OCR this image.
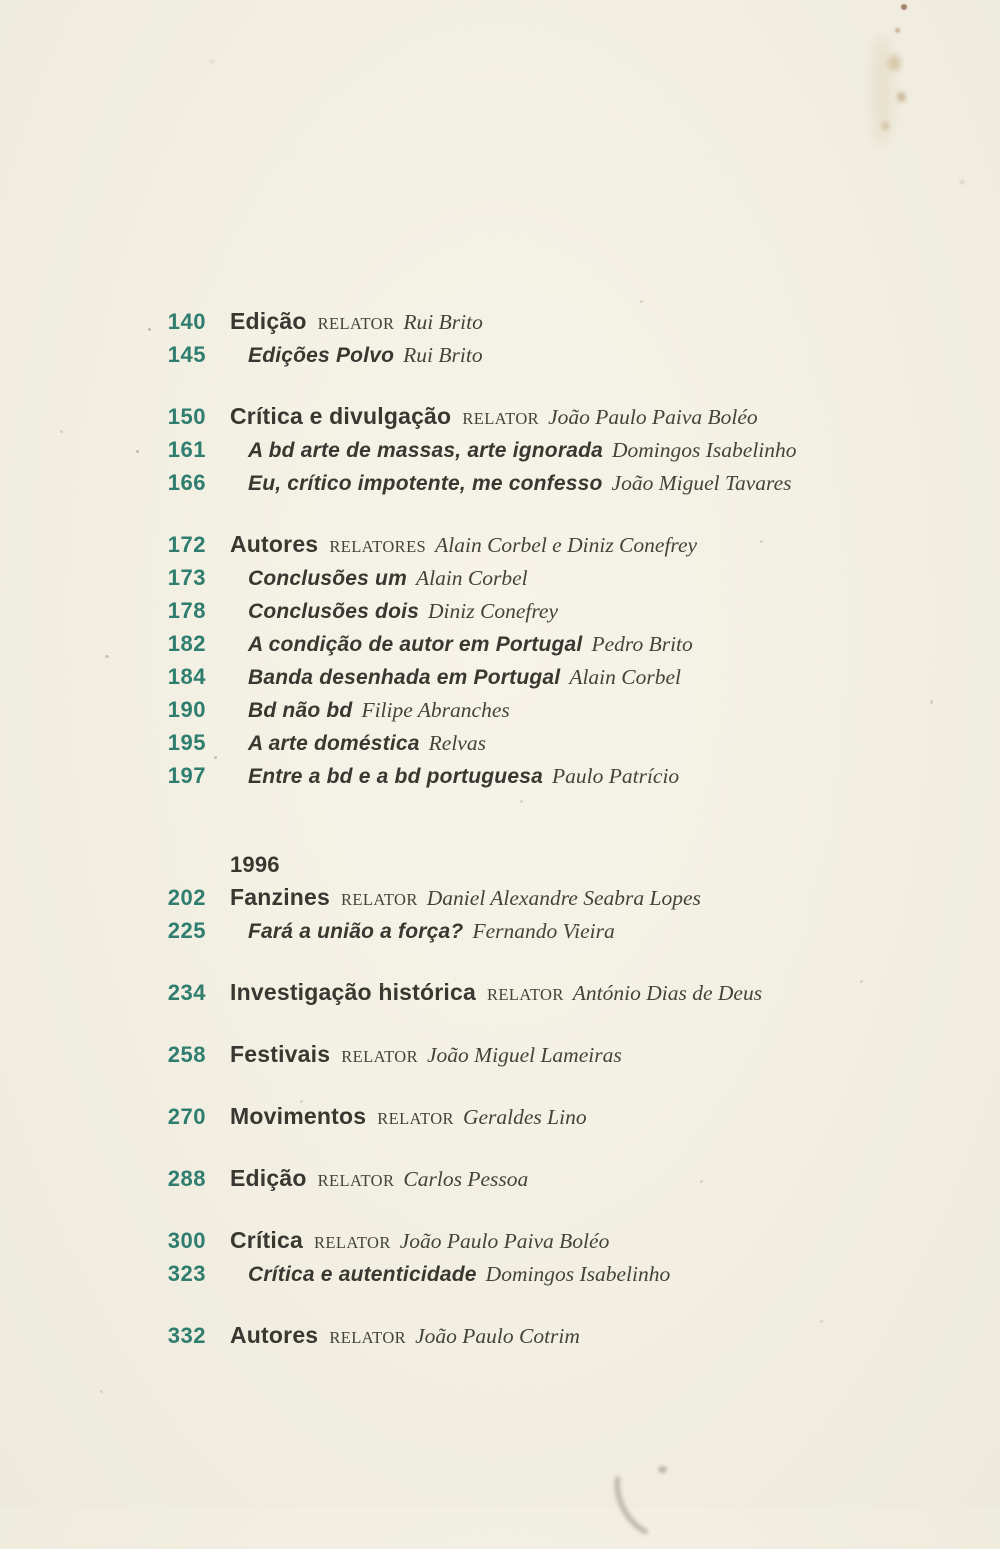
140 Edição RELATOR Rui Brito
145 Edições Polvo Rui Brito
150 Crítica e divulgação RELATOR João Paulo Paiva Boléo
161 A bd arte de massas, arte ignorada Domingos Isabelinho
166 Eu, crítico impotente, me confesso João Miguel Tavares
172 Autores RELATORES Alain Corbel e Diniz Conefrey
173 Conclusões um Alain Corbel
178 Conclusões dois Diniz Conefrey
182 A condição de autor em Portugal Pedro Brito
184 Banda desenhada em Portugal Alain Corbel
190 Bd não bd Filipe Abranches
195 A arte doméstica Relvas
197 Entre a bd e a bd portuguesa Paulo Patrício
1996
202 Fanzines RELATOR Daniel Alexandre Seabra Lopes
225 Fará a união a força? Fernando Vieira
234 Investigação histórica RELATOR António Dias de Deus
258 Festivais RELATOR João Miguel Lameiras
270 Movimentos RELATOR Geraldes Lino
288 Edição RELATOR Carlos Pessoa
300 Crítica RELATOR João Paulo Paiva Boléo
323 Crítica e autenticidade Domingos Isabelinho
332 Autores RELATOR João Paulo Cotrim
